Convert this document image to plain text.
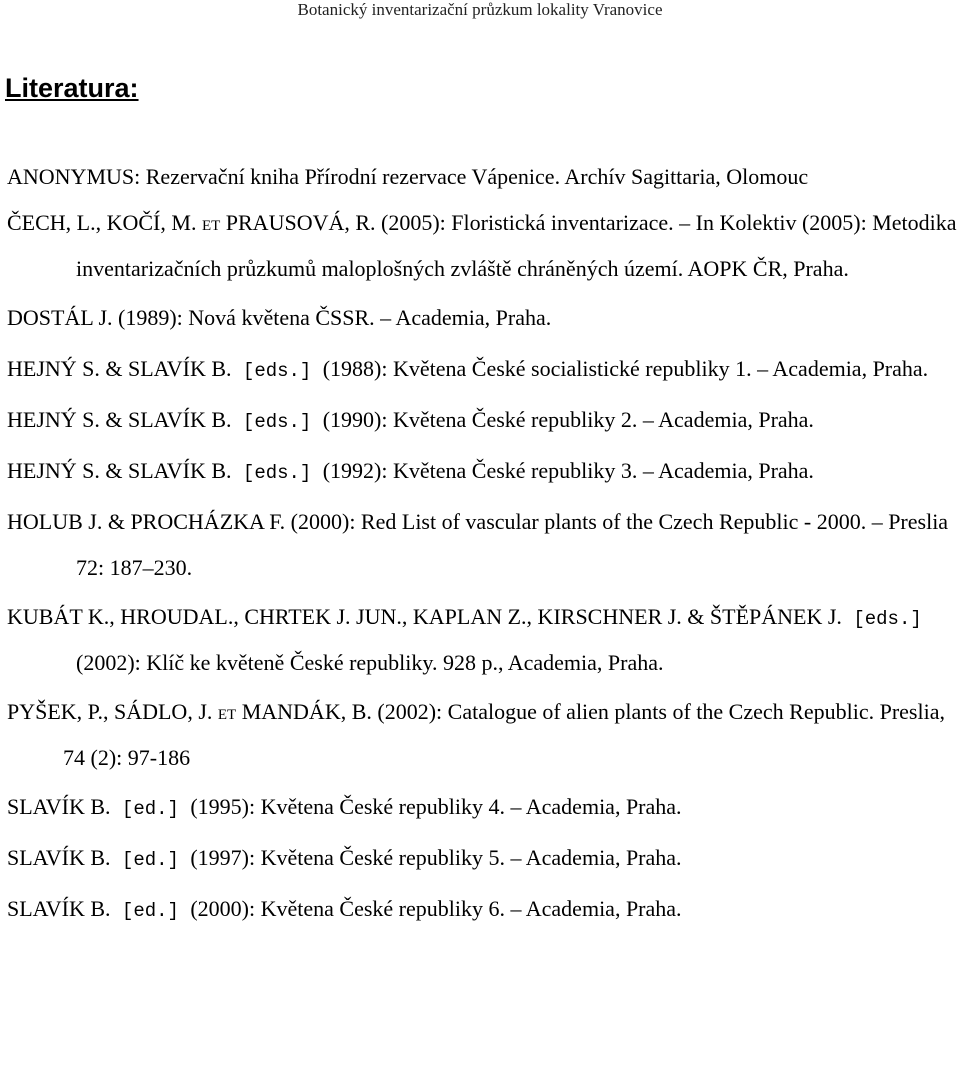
Botanický inventarizační průzkum lokality Vranovice
Literatura:
ANONYMUS: Rezervační kniha Přírodní rezervace Vápenice. Archív Sagittaria, Olomouc
ČECH, L., KOČÍ, M. et PRAUSOVÁ, R. (2005): Floristická inventarizace. – In Kolektiv (2005): Metodika inventarizačních průzkumů maloplošných zvláště chráněných území. AOPK ČR, Praha.
DOSTÁL J. (1989): Nová květena ČSSR. – Academia, Praha.
HEJNÝ S. & SLAVÍK B. [eds.] (1988): Květena České socialistické republiky 1. – Academia, Praha.
HEJNÝ S. & SLAVÍK B. [eds.] (1990): Květena České republiky 2. – Academia, Praha.
HEJNÝ S. & SLAVÍK B. [eds.] (1992): Květena České republiky 3. – Academia, Praha.
HOLUB J. & PROCHÁZKA F. (2000): Red List of vascular plants of the Czech Republic - 2000. – Preslia 72: 187–230.
KUBÁT K., HROUDAL., CHRTEK J. JUN., KAPLAN Z., KIRSCHNER J. & ŠTĚPÁNEK J. [eds.] (2002): Klíč ke květeně České republiky. 928 p., Academia, Praha.
PYŠEK, P., SÁDLO, J. et MANDÁK, B. (2002): Catalogue of alien plants of the Czech Republic. Preslia, 74 (2): 97-186
SLAVÍK B. [ed.] (1995): Květena České republiky 4. – Academia, Praha.
SLAVÍK B. [ed.] (1997): Květena České republiky 5. – Academia, Praha.
SLAVÍK B. [ed.] (2000): Květena České republiky 6. – Academia, Praha.
